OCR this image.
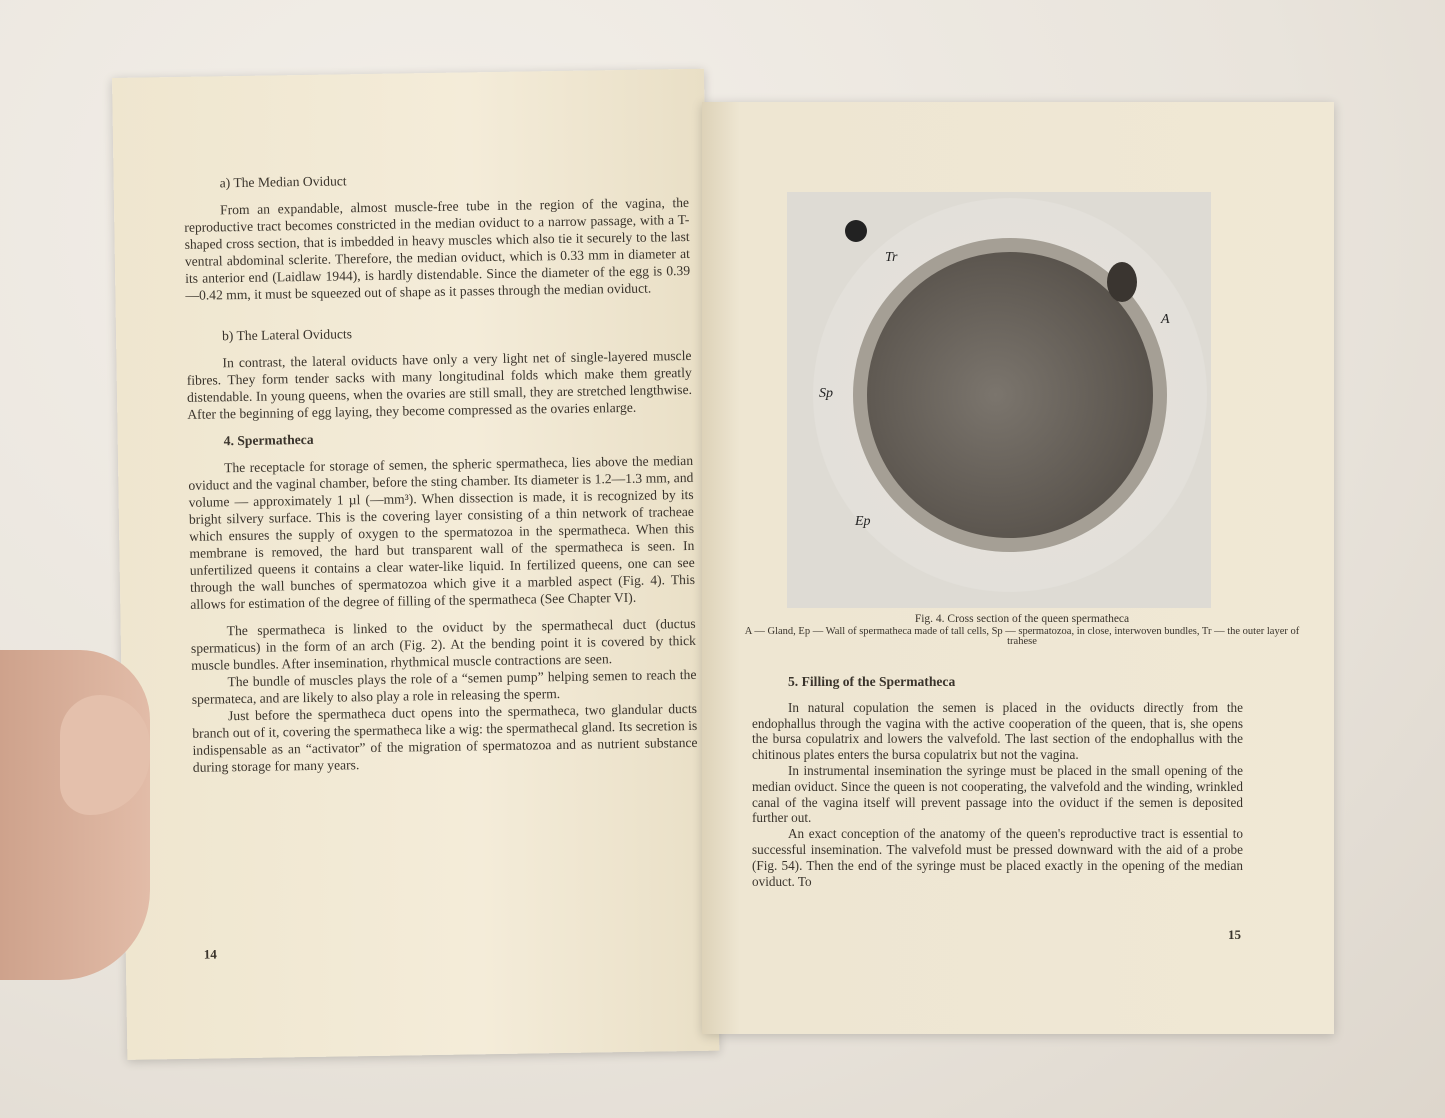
a) The Median Oviduct

From an expandable, almost muscle-free tube in the region of the vagina, the reproductive tract becomes constricted in the median oviduct to a narrow passage, with a T-shaped cross section, that is imbedded in heavy muscles which also tie it securely to the last ventral abdominal sclerite. Therefore, the median oviduct, which is 0.33 mm in diameter at its anterior end (Laidlaw 1944), is hardly distendable. Since the diameter of the egg is 0.39—0.42 mm, it must be squeezed out of shape as it passes through the median oviduct.

b) The Lateral Oviducts

In contrast, the lateral oviducts have only a very light net of single-layered muscle fibres. They form tender sacks with many longitudinal folds which make them greatly distendable. In young queens, when the ovaries are still small, they are stretched lengthwise. After the beginning of egg laying, they become compressed as the ovaries enlarge.

4. Spermatheca

The receptacle for storage of semen, the spheric spermatheca, lies above the median oviduct and the vaginal chamber, before the sting chamber. Its diameter is 1.2—1.3 mm, and volume — approximately 1 µl (—mm³). When dissection is made, it is recognized by its bright silvery surface. This is the covering layer consisting of a thin network of tracheae which ensures the supply of oxygen to the spermatozoa in the spermatheca. When this membrane is removed, the hard but transparent wall of the spermatheca is seen. In unfertilized queens it contains a clear water-like liquid. In fertilized queens, one can see through the wall bunches of spermatozoa which give it a marbled aspect (Fig. 4). This allows for estimation of the degree of filling of the spermatheca (See Chapter VI).

The spermatheca is linked to the oviduct by the spermathecal duct (ductus spermaticus) in the form of an arch (Fig. 2). At the bending point it is covered by thick muscle bundles. After insemination, rhythmical muscle contractions are seen.

The bundle of muscles plays the role of a “semen pump” helping semen to reach the spermateca, and are likely to also play a role in releasing the sperm.

Just before the spermatheca duct opens into the spermatheca, two glandular ducts branch out of it, covering the spermatheca like a wig: the spermathecal gland. Its secretion is indispensable as an “activator” of the migration of spermatozoa and as nutrient substance during storage for many years.

14
Tr
A
Sp
Ep
Fig. 4. Cross section of the queen spermatheca
A — Gland, Ep — Wall of spermatheca made of tall cells, Sp — spermatozoa, in close, interwoven bundles, Tr — the outer layer of trahese
5. Filling of the Spermatheca

In natural copulation the semen is placed in the oviducts directly from the endophallus through the vagina with the active cooperation of the queen, that is, she opens the bursa copulatrix and lowers the valvefold. The last section of the endophallus with the chitinous plates enters the bursa copulatrix but not the vagina.

In instrumental insemination the syringe must be placed in the small opening of the median oviduct. Since the queen is not cooperating, the valvefold and the winding, wrinkled canal of the vagina itself will prevent passage into the oviduct if the semen is deposited further out.

An exact conception of the anatomy of the queen's reproductive tract is essential to successful insemination. The valvefold must be pressed downward with the aid of a probe (Fig. 54). Then the end of the syringe must be placed exactly in the opening of the median oviduct. To

15
